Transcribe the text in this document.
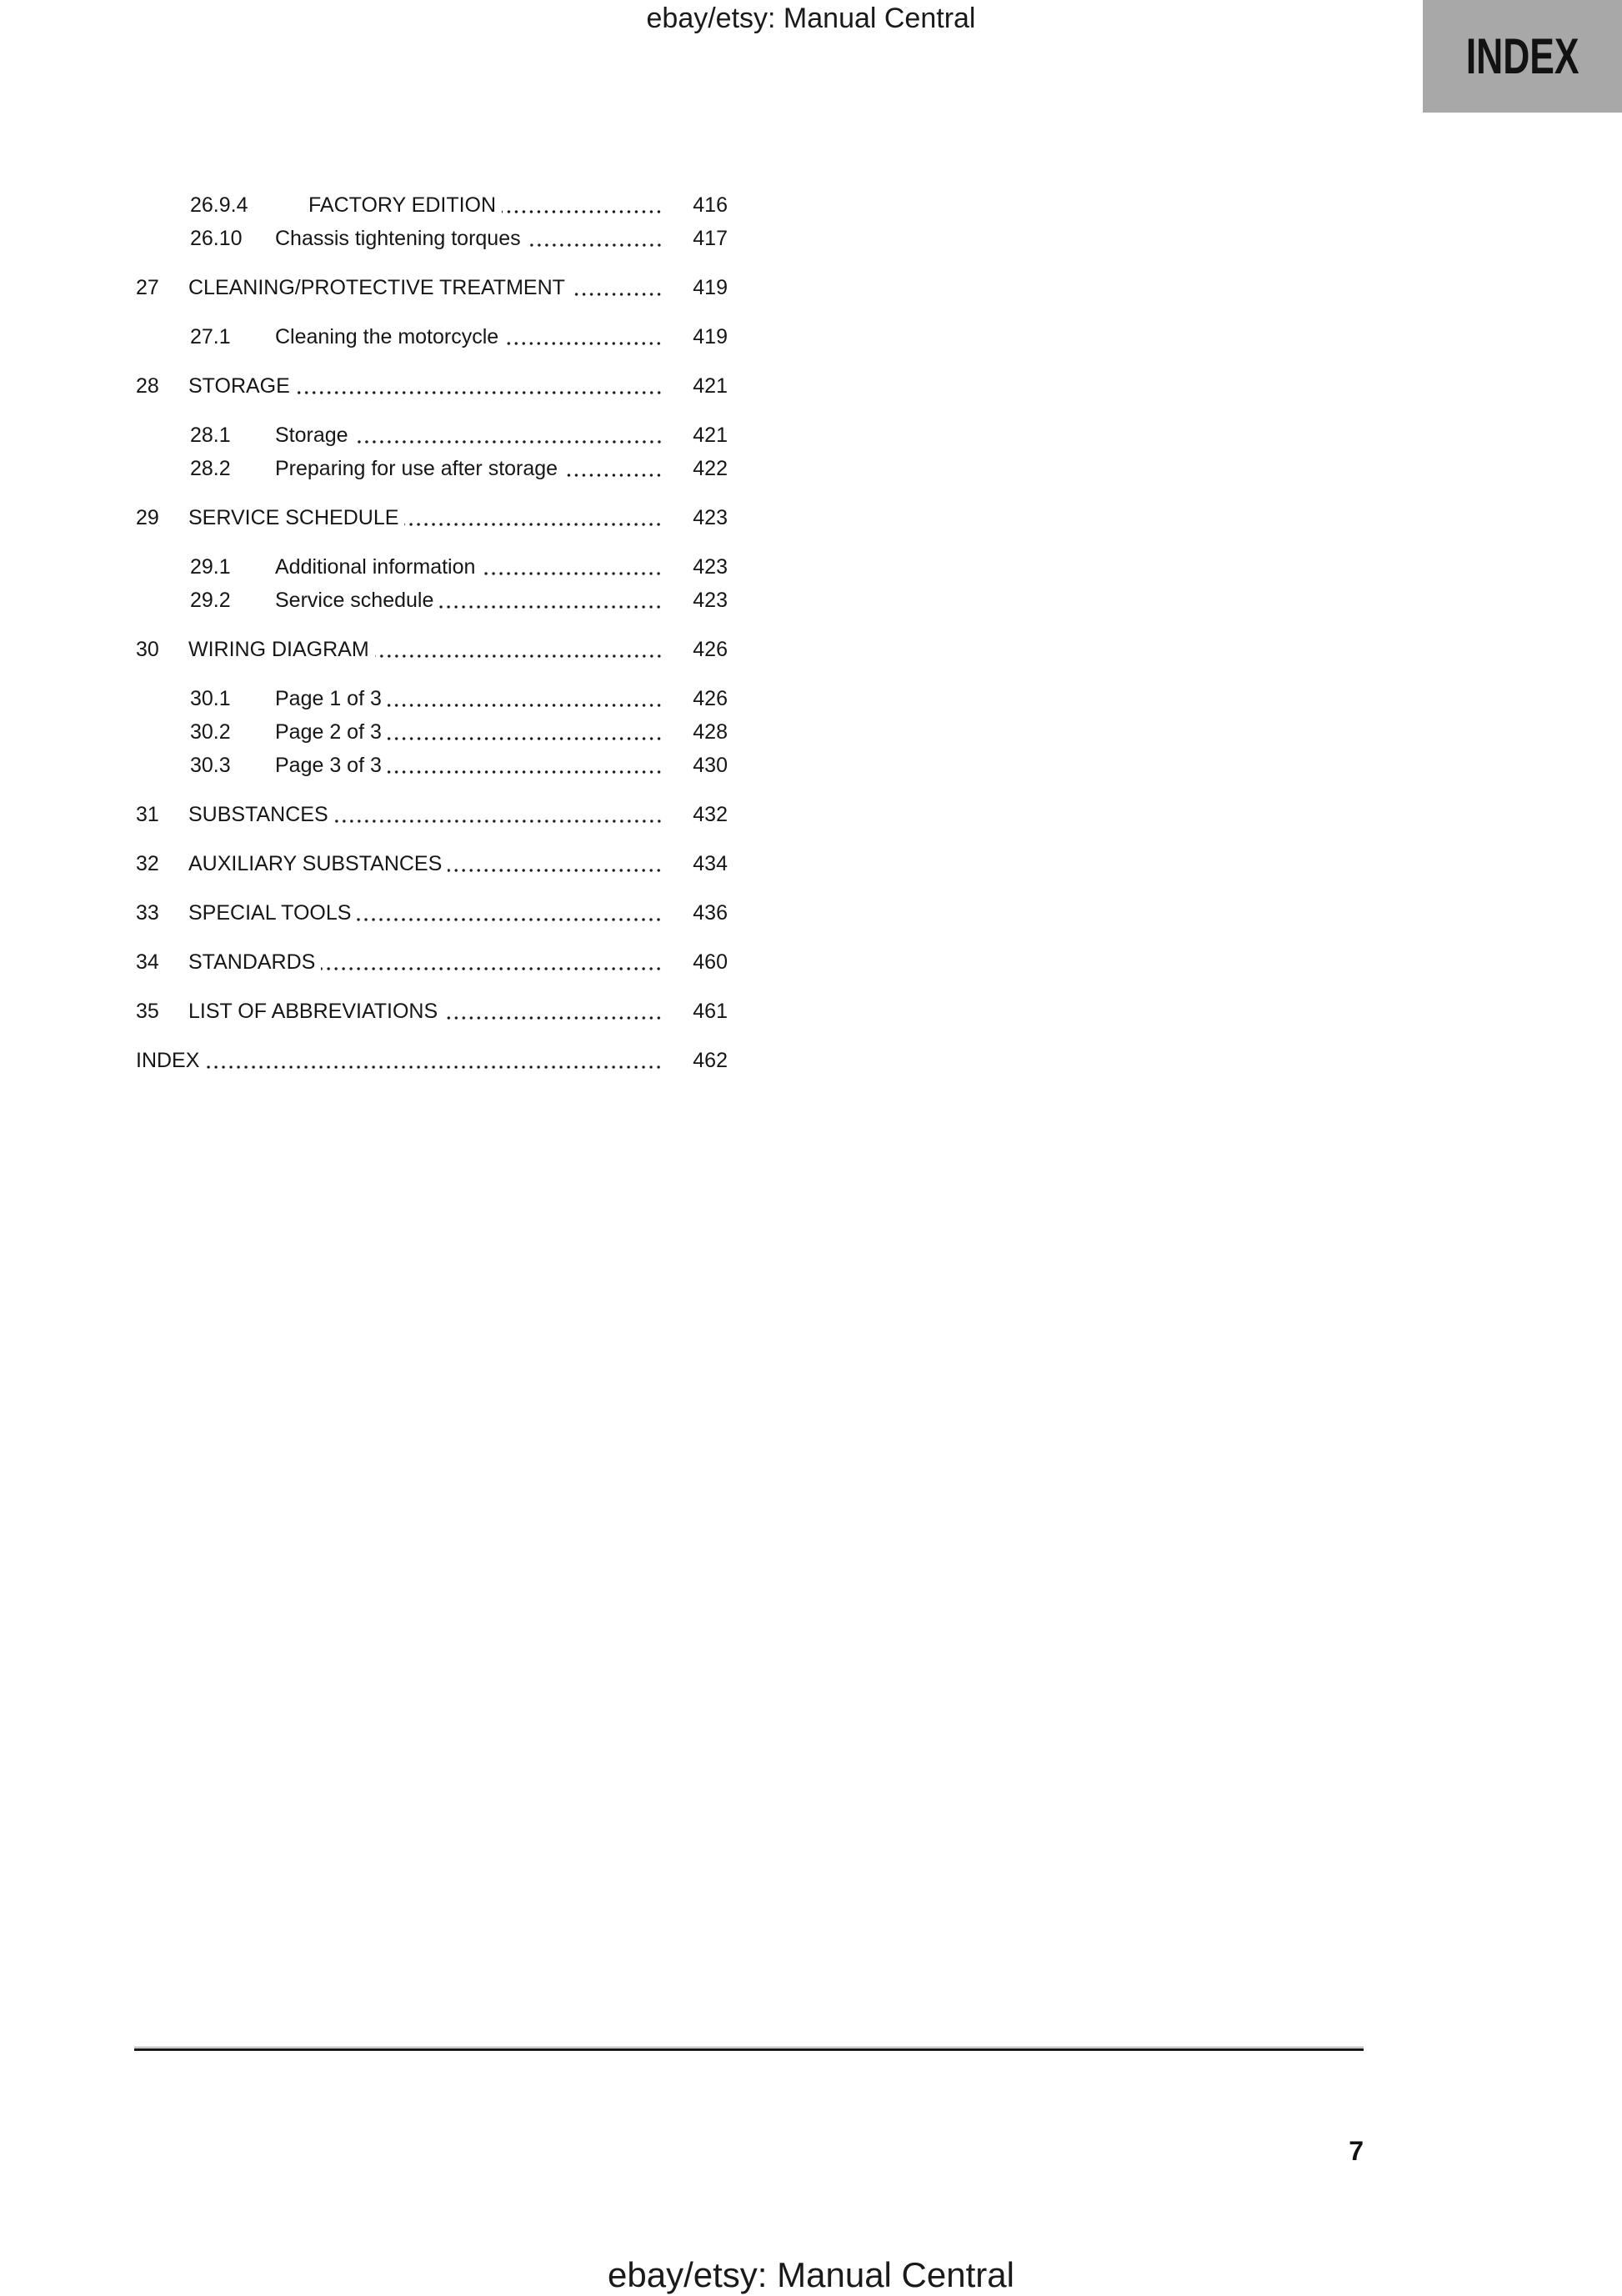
ebay/etsy: Manual Central
INDEX
26.9.4	FACTORY EDITION	416
26.10	Chassis tightening torques	417
27	CLEANING/PROTECTIVE TREATMENT	419
27.1	Cleaning the motorcycle	419
28	STORAGE	421
28.1	Storage	421
28.2	Preparing for use after storage	422
29	SERVICE SCHEDULE	423
29.1	Additional information	423
29.2	Service schedule	423
30	WIRING DIAGRAM	426
30.1	Page 1 of 3	426
30.2	Page 2 of 3	428
30.3	Page 3 of 3	430
31	SUBSTANCES	432
32	AUXILIARY SUBSTANCES	434
33	SPECIAL TOOLS	436
34	STANDARDS	460
35	LIST OF ABBREVIATIONS	461
INDEX	462
7
ebay/etsy: Manual Central
